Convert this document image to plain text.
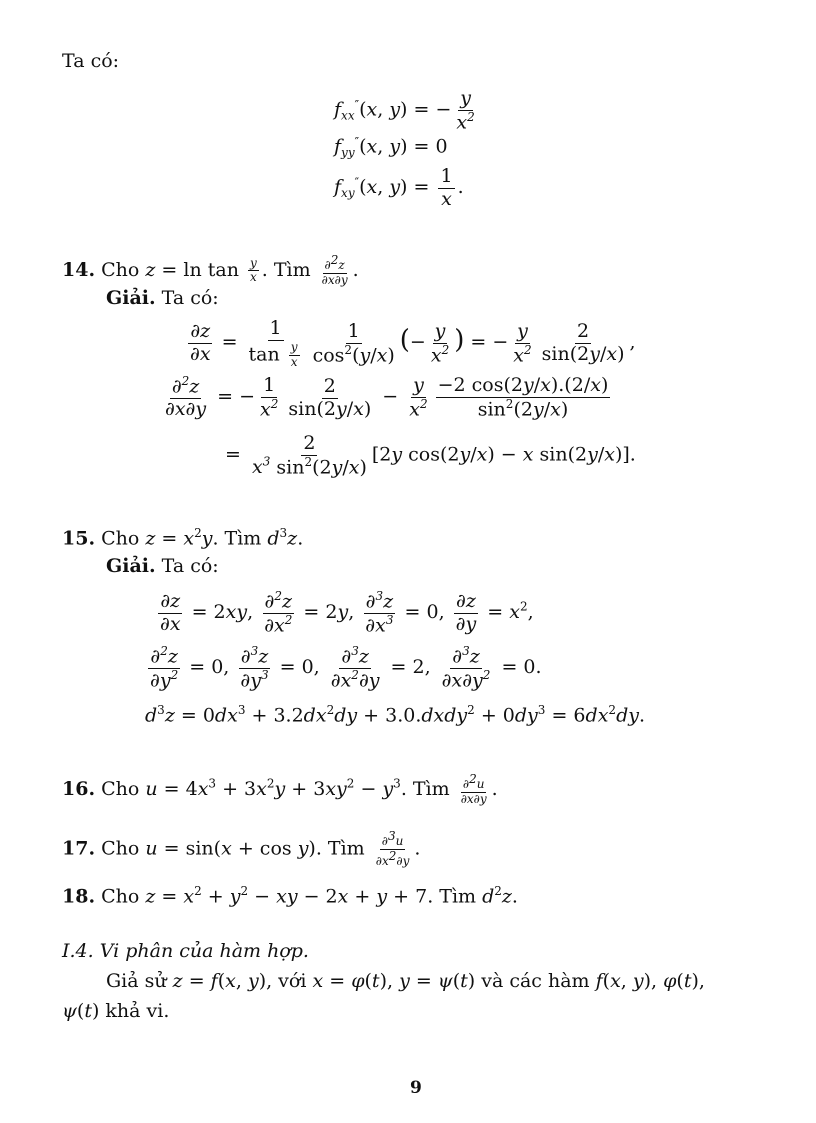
Ta có:
$f_{xx}''(x$, y) = − $\frac{y}{x^2}$
$f_{yy}''(x$, y) = 0
$f_{xy}''(x$, $y) = \frac{1}{x}$ .
14. Cho $z = \ln \tan \frac{y}{x}$ . Tìm $\frac{\partial^2z}{\partial x\partial y}$ .
Giải. Ta có:
$\frac{\partial z}{\partial x} = \frac{1}{\tan \frac{y}{x}} \frac{1}{\cos^2(y/x)}$ (− $\frac{y}{x^2}$ ) = − $\frac{y}{x^2} \frac{2}{\sin(2y/x)}$ ,
$\frac{\partial^2z}{\partial x\partial y}$ = − $\frac{1}{x^2} \frac{2}{\sin(2y/x)} - \frac{y}{x^2} \frac{-2 \cos(2y/x).(2/x)}{\sin^2(2y/x)}$
= $\frac{2}{x^3 \sin^2(2y/x)} [2y$ cos(2y/x) − x sin(2y/x)].
15. Cho $z = x^2y$. Tìm $d^3z$.
Giải. Ta có:
$\frac{\partial z}{\partial x} = 2xy$, $\frac{\partial^2z}{\partial x^2} = 2y$, $\frac{\partial^3z}{\partial x^3} = 0$, $\frac{\partial z}{\partial y} = x^2$,
$\frac{\partial^2z}{\partial y^2} = 0$, $\frac{\partial^3z}{\partial y^3} = 0$, $\frac{\partial^3z}{\partial x^2\partial y} = 2$, $\frac{\partial^3z}{\partial x\partial y^2} = 0$.
$d^3z = 0dx^3 + 3.2dx^2dy$ + 3.0.dxdy$^2$ + $0dy^3 = 6dx^2dy$.
16. Cho $u = 4x^3 + 3x^2y + 3xy^2 - y^3$. Tìm $\frac{\partial^2u}{\partial x\partial y}$ .
17. Cho u = sin(x + cos y). Tìm $\frac{\partial^3u}{\partial x^2\partial y}$ .
18. Cho $z = x^2 + y^2$ − xy − 2x + y + 7. Tìm $d^2z$.
I.4. Vi phân của hàm hợp.
Giả sử z = f(x, y), với x = φ(t), y = ψ(t) và các hàm f(x, y), φ(t),
ψ(t) khả vi.
9
